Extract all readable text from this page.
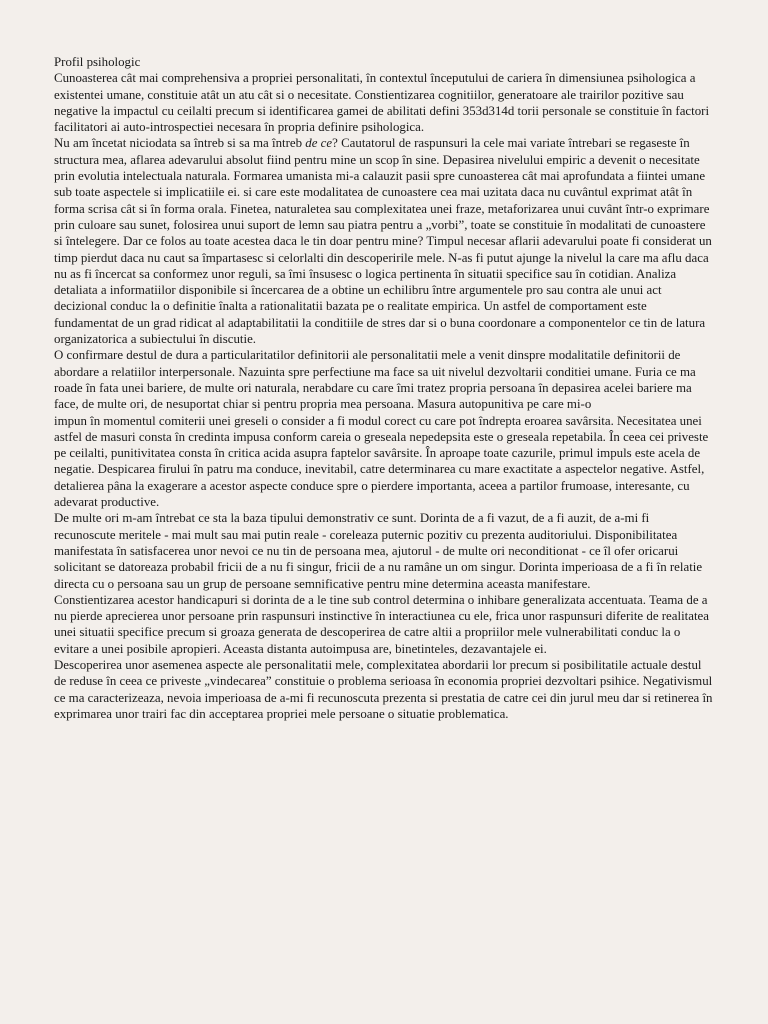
Profil psihologic

Cunoasterea cât mai comprehensiva a propriei personalitati, în contextul începutului de cariera în dimensiunea psihologica a existentei umane, constituie atât un atu cât si o necesitate. Constientizarea cognitiilor, generatoare ale trairilor pozitive sau negative la impactul cu ceilalti precum si identificarea gamei de abilitati defini 353d314d torii personale se constituie în factori facilitatori ai auto-introspectiei necesara în propria definire psihologica.

Nu am încetat niciodata sa întreb si sa ma întreb de ce? Cautatorul de raspunsuri la cele mai variate întrebari se regaseste în structura mea, aflarea adevarului absolut fiind pentru mine un scop în sine. Depasirea nivelului empiric a devenit o necesitate prin evolutia intelectuala naturala. Formarea umanista mi-a calauzit pasii spre cunoasterea cât mai aprofundata a fiintei umane sub toate aspectele si implicatiile ei. si care este modalitatea de cunoastere cea mai uzitata daca nu cuvântul exprimat atât în forma scrisa cât si în forma orala. Finetea, naturaletea sau complexitatea unei fraze, metaforizarea unui cuvânt într-o exprimare prin culoare sau sunet, folosirea unui suport de lemn sau piatra pentru a „vorbi”, toate se constituie în modalitati de cunoastere si întelegere. Dar ce folos au toate acestea daca le tin doar pentru mine? Timpul necesar aflarii adevarului poate fi considerat un timp pierdut daca nu caut sa împartasesc si celorlalti din descoperirile mele. N-as fi putut ajunge la nivelul la care ma aflu daca nu as fi încercat sa conformez unor reguli, sa îmi însusesc o logica pertinenta în situatii specifice sau în cotidian. Analiza detaliata a informatiilor disponibile si încercarea de a obtine un echilibru între argumentele pro sau contra ale unui act decizional conduc la o definitie înalta a rationalitatii bazata pe o realitate empirica. Un astfel de comportament este fundamentat de un grad ridicat al adaptabilitatii la conditiile de stres dar si o buna coordonare a componentelor ce tin de latura organizatorica a subiectului în discutie.

O confirmare destul de dura a particularitatilor definitorii ale personalitatii mele a venit dinspre modalitatile definitorii de abordare a relatiilor interpersonale. Nazuinta spre perfectiune ma face sa uit nivelul dezvoltarii conditiei umane. Furia ce ma roade în fata unei bariere, de multe ori naturala, nerabdare cu care îmi tratez propria persoana în depasirea acelei bariere ma face, de multe ori, de nesuportat chiar si pentru propria mea persoana. Masura autopunitiva pe care mi-o

impun în momentul comiterii unei greseli o consider a fi modul corect cu care pot îndrepta eroarea savârsita. Necesitatea unei astfel de masuri consta în credinta impusa conform careia o greseala nepedepsita este o greseala repetabila. În ceea cei priveste pe ceilalti, punitivitatea consta în critica acida asupra faptelor savârsite. În aproape toate cazurile, primul impuls este acela de negatie. Despicarea firului în patru ma conduce, inevitabil, catre determinarea cu mare exactitate a aspectelor negative. Astfel, detalierea pâna la exagerare a acestor aspecte conduce spre o pierdere importanta, aceea a partilor frumoase, interesante, cu adevarat productive.

De multe ori m-am întrebat ce sta la baza tipului demonstrativ ce sunt. Dorinta de a fi vazut, de a fi auzit, de a-mi fi recunoscute meritele - mai mult sau mai putin reale - coreleaza puternic pozitiv cu prezenta auditoriului. Disponibilitatea manifestata în satisfacerea unor nevoi ce nu tin de persoana mea, ajutorul - de multe ori neconditionat - ce îl ofer oricarui solicitant se datoreaza probabil fricii de a nu fi singur, fricii de a nu ramâne un om singur. Dorinta imperioasa de a fi în relatie directa cu o persoana sau un grup de persoane semnificative pentru mine determina aceasta manifestare.

Constientizarea acestor handicapuri si dorinta de a le tine sub control determina o inhibare generalizata accentuata. Teama de a nu pierde aprecierea unor persoane prin raspunsuri instinctive în interactiunea cu ele, frica unor raspunsuri diferite de realitatea unei situatii specifice precum si groaza generata de descoperirea de catre altii a propriilor mele vulnerabilitati conduc la o evitare a unei posibile apropieri. Aceasta distanta autoimpusa are, binetinteles, dezavantajele ei.

Descoperirea unor asemenea aspecte ale personalitatii mele, complexitatea abordarii lor precum si posibilitatile actuale destul de reduse în ceea ce priveste „vindecarea” constituie o problema serioasa în economia propriei dezvoltari psihice. Negativismul ce ma caracterizeaza, nevoia imperioasa de a-mi fi recunoscuta prezenta si prestatia de catre cei din jurul meu dar si retinerea în exprimarea unor trairi fac din acceptarea propriei mele persoane o situatie problematica.
